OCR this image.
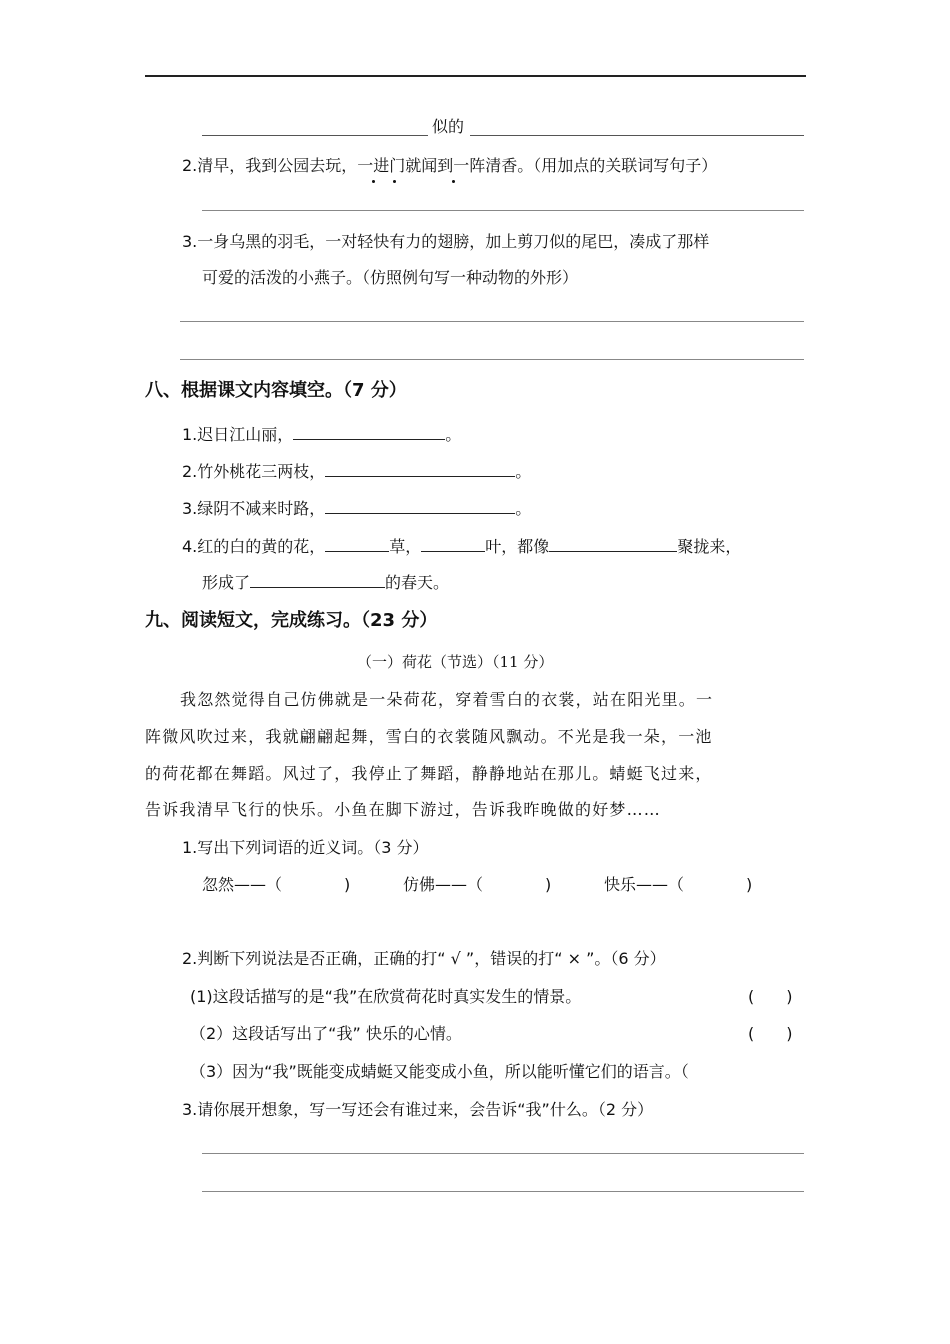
似的
2.清早，我到公园去玩，一进门就闻到一阵清香。（用加点的关联词写句子）
3.一身乌黑的羽毛，一对轻快有力的翅膀，加上剪刀似的尾巴，凑成了那样
可爱的活泼的小燕子。（仿照例句写一种动物的外形）
八、根据课文内容填空。（7 分）
1.迟日江山丽，	。
2.竹外桃花三两枝，	。
3.绿阴不减来时路，	。
4.红的白的黄的花，	草，	叶，都像	聚拢来，
形成了	的春天。
九、阅读短文，完成练习。（23 分）
（一）荷花（节选）（11 分）
我忽然觉得自己仿佛就是一朵荷花，穿着雪白的衣裳，站在阳光里。一
阵微风吹过来，我就翩翩起舞，雪白的衣裳随风飘动。不光是我一朵，一池
的荷花都在舞蹈。风过了，我停止了舞蹈，静静地站在那儿。蜻蜓飞过来，
告诉我清早飞行的快乐。小鱼在脚下游过，告诉我昨晚做的好梦……
1.写出下列词语的近义词。（3 分）
忽然——（	)	仿佛——（	)	快乐——（	)
2.判断下列说法是否正确，正确的打“ √ ”，错误的打“ × ”。（6 分）
(1)这段话描写的是“我”在欣赏荷花时真实发生的情景。	(　　)
（2）这段话写出了“我” 快乐的心情。	(　　)
（3）因为“我”既能变成蜻蜓又能变成小鱼，所以能听懂它们的语言。（
3.请你展开想象，写一写还会有谁过来，会告诉“我”什么。（2 分）
